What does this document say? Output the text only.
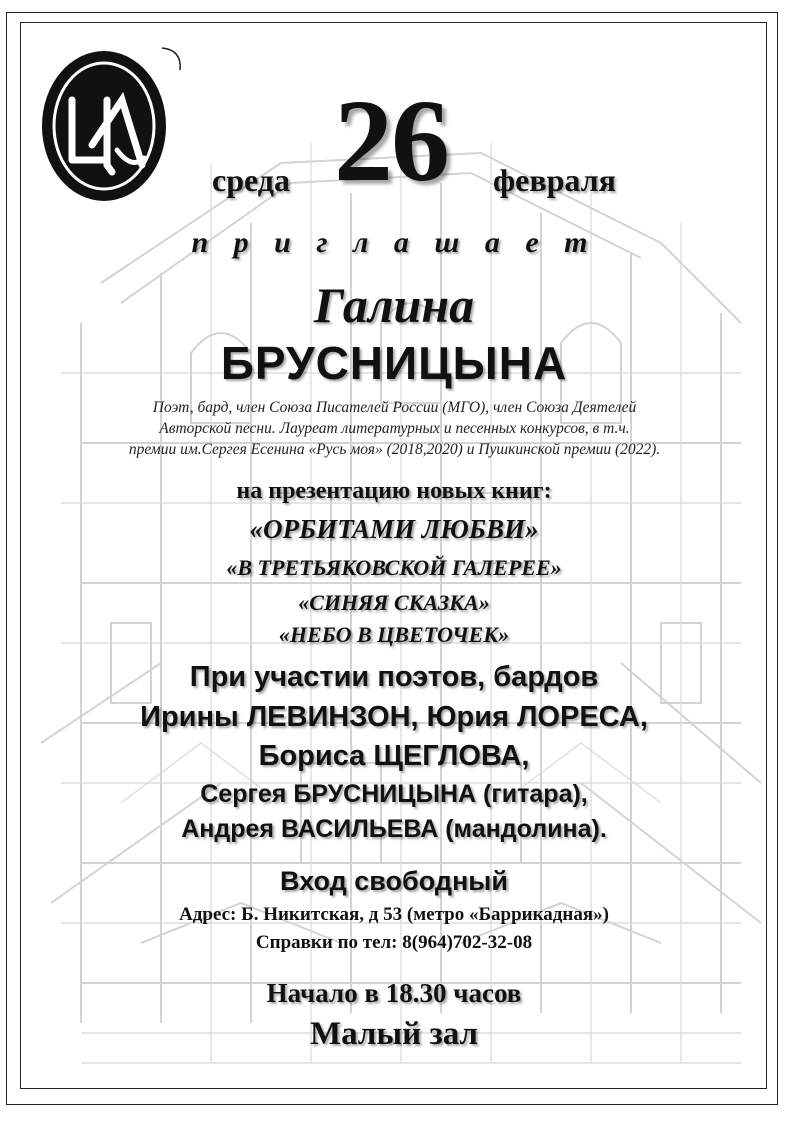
среда 26 февраля
п р и г л а ш а е т
Галина
БРУСНИЦЫНА
Поэт, бард, член Союза Писателей России (МГО), член Союза Деятелей
Авторской песни. Лауреат литературных и песенных конкурсов, в т.ч.
премии им.Сергея Есенина «Русь моя» (2018,2020) и Пушкинской премии (2022).
на презентацию новых книг:
«ОРБИТАМИ ЛЮБВИ»
«В ТРЕТЬЯКОВСКОЙ ГАЛЕРЕЕ»
«СИНЯЯ СКАЗКА»
«НЕБО В ЦВЕТОЧЕК»
При участии поэтов, бардов
Ирины ЛЕВИНЗОН, Юрия ЛОРЕСА,
Бориса ЩЕГЛОВА,
Сергея БРУСНИЦЫНА (гитара),
Андрея ВАСИЛЬЕВА (мандолина).
Вход свободный
Адрес: Б. Никитская, д 53 (метро «Баррикадная»)
Справки по тел: 8(964)702-32-08
Начало в 18.30 часов
Малый зал
